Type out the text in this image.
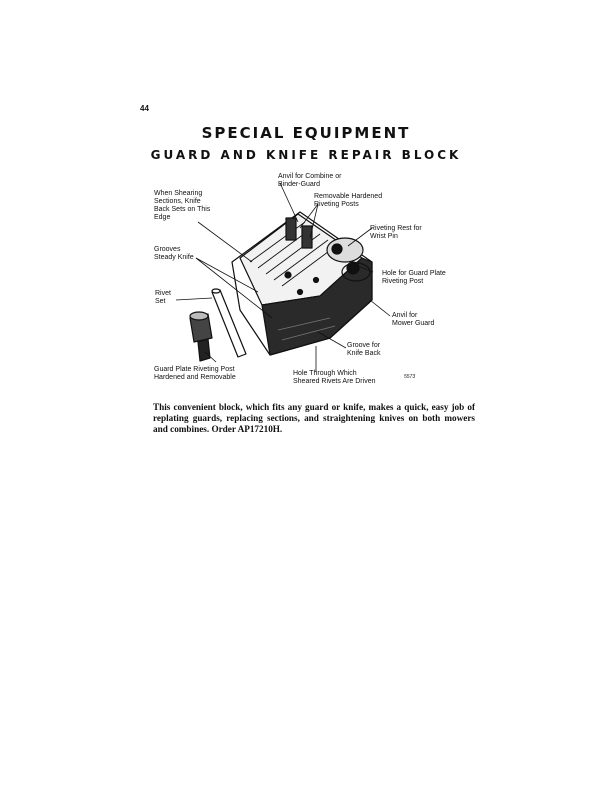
44
SPECIAL EQUIPMENT
GUARD AND KNIFE REPAIR BLOCK
Anvil for Combine or
Binder-Guard
When Shearing
Sections, Knife
Back Sets on This
Edge
Removable Hardened
Riveting Posts
Riveting Rest for
Wrist Pin
Grooves
Steady Knife
Hole for Guard Plate
Riveting Post
Rivet
Set
Anvil for
Mower Guard
Groove for
Knife Back
Guard Plate Riveting Post
Hardened and Removable
Hole Through Which
Sheared Rivets Are Driven
5573

This convenient block, which fits any guard or knife, makes a quick, easy job of replating guards, replacing sections, and straightening knives on both mowers and combines. Order AP17210H.
